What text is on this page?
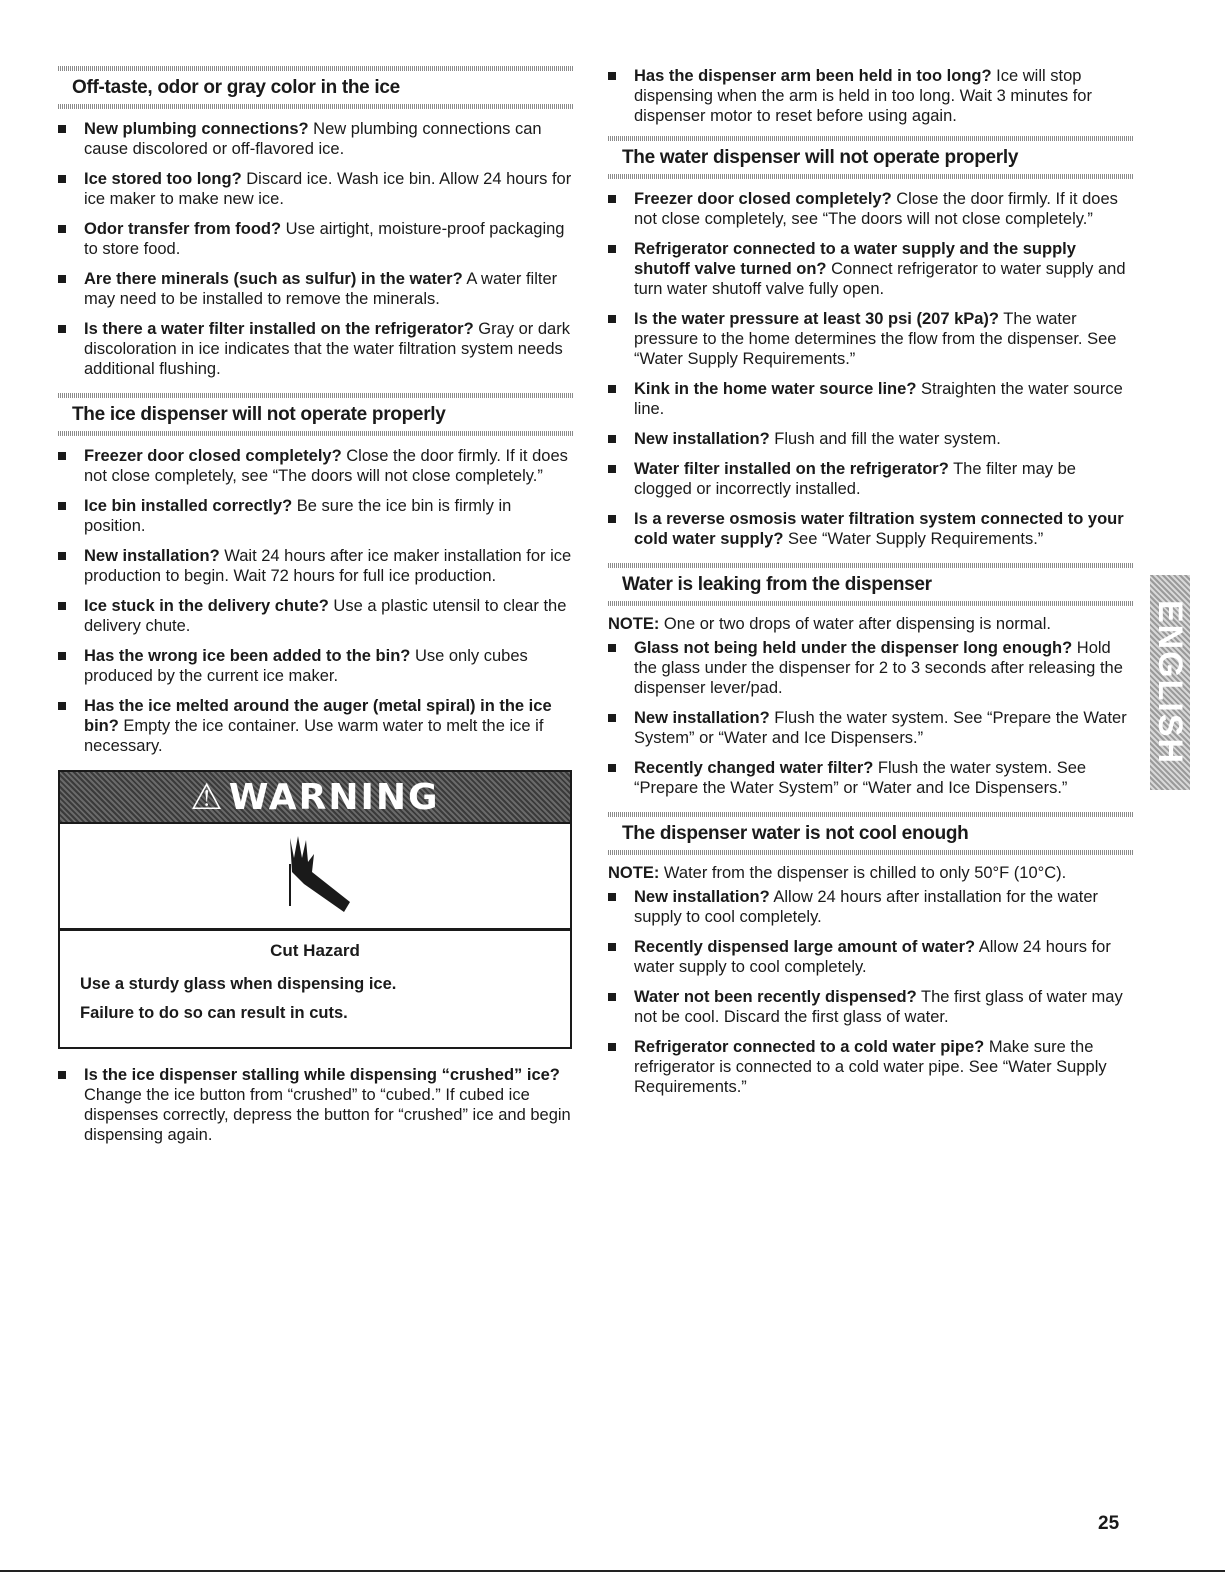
Off-taste, odor or gray color in the ice
New plumbing connections? New plumbing connections can cause discolored or off-flavored ice.
Ice stored too long? Discard ice. Wash ice bin. Allow 24 hours for ice maker to make new ice.
Odor transfer from food? Use airtight, moisture-proof packaging to store food.
Are there minerals (such as sulfur) in the water? A water filter may need to be installed to remove the minerals.
Is there a water filter installed on the refrigerator? Gray or dark discoloration in ice indicates that the water filtration system needs additional flushing.
The ice dispenser will not operate properly
Freezer door closed completely? Close the door firmly. If it does not close completely, see “The doors will not close completely.”
Ice bin installed correctly? Be sure the ice bin is firmly in position.
New installation? Wait 24 hours after ice maker installation for ice production to begin. Wait 72 hours for full ice production.
Ice stuck in the delivery chute? Use a plastic utensil to clear the delivery chute.
Has the wrong ice been added to the bin? Use only cubes produced by the current ice maker.
Has the ice melted around the auger (metal spiral) in the ice bin? Empty the ice container. Use warm water to melt the ice if necessary.
⚠ WARNING
Cut Hazard
Use a sturdy glass when dispensing ice.
Failure to do so can result in cuts.
Is the ice dispenser stalling while dispensing “crushed” ice? Change the ice button from “crushed” to “cubed.” If cubed ice dispenses correctly, depress the button for “crushed” ice and begin dispensing again.
Has the dispenser arm been held in too long? Ice will stop dispensing when the arm is held in too long. Wait 3 minutes for dispenser motor to reset before using again.
The water dispenser will not operate properly
Freezer door closed completely? Close the door firmly. If it does not close completely, see “The doors will not close completely.”
Refrigerator connected to a water supply and the supply shutoff valve turned on? Connect refrigerator to water supply and turn water shutoff valve fully open.
Is the water pressure at least 30 psi (207 kPa)? The water pressure to the home determines the flow from the dispenser. See “Water Supply Requirements.”
Kink in the home water source line? Straighten the water source line.
New installation? Flush and fill the water system.
Water filter installed on the refrigerator? The filter may be clogged or incorrectly installed.
Is a reverse osmosis water filtration system connected to your cold water supply? See “Water Supply Requirements.”
Water is leaking from the dispenser
NOTE: One or two drops of water after dispensing is normal.
Glass not being held under the dispenser long enough? Hold the glass under the dispenser for 2 to 3 seconds after releasing the dispenser lever/pad.
New installation? Flush the water system. See “Prepare the Water System” or “Water and Ice Dispensers.”
Recently changed water filter? Flush the water system. See “Prepare the Water System” or “Water and Ice Dispensers.”
The dispenser water is not cool enough
NOTE: Water from the dispenser is chilled to only 50°F (10°C).
New installation? Allow 24 hours after installation for the water supply to cool completely.
Recently dispensed large amount of water? Allow 24 hours for water supply to cool completely.
Water not been recently dispensed? The first glass of water may not be cool. Discard the first glass of water.
Refrigerator connected to a cold water pipe? Make sure the refrigerator is connected to a cold water pipe. See “Water Supply Requirements.”
ENGLISH
25
